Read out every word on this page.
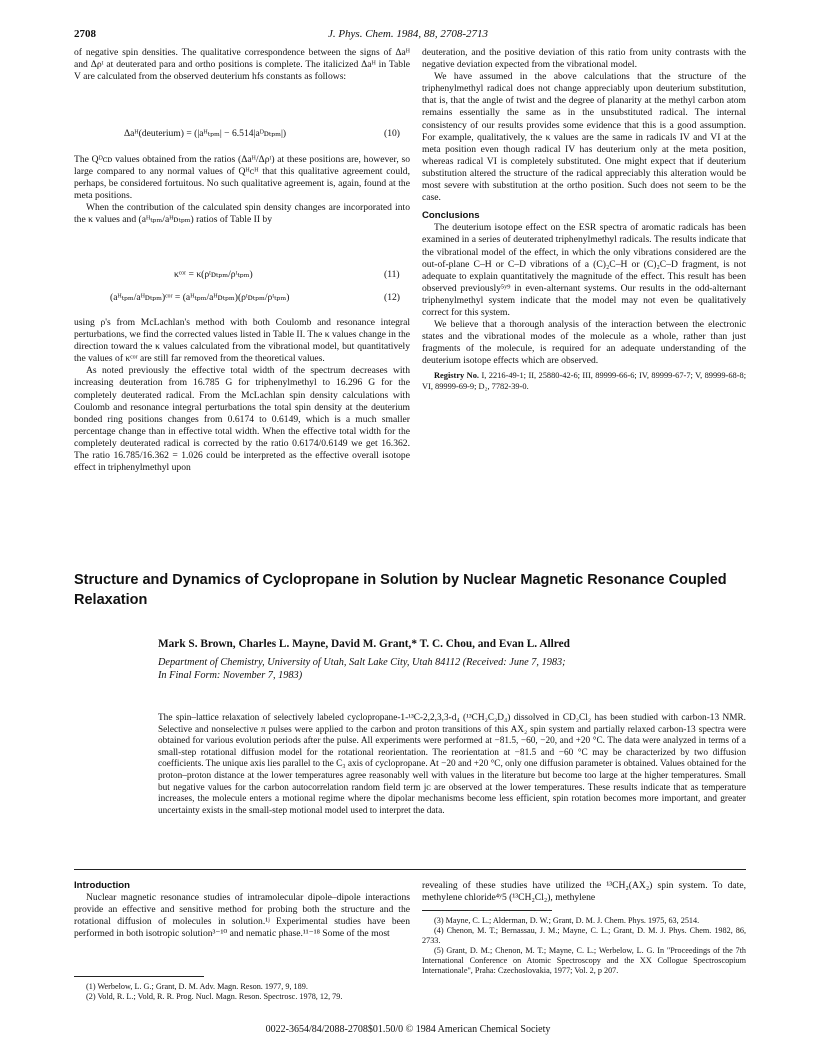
2708	J. Phys. Chem. 1984, 88, 2708-2713

of negative spin densities. The qualitative correspondence between the signs of Δaᴴ and Δρᵗ at deuterated para and ortho positions is complete. The italicized Δaᴴ in Table V are calculated from the observed deuterium hfs constants as follows:

Δaᴴ(deuterium) = (|aᴴₜₚₘ| − 6.514|aᴰᴅₜₚₘ|)	(10)

The Qᴰᴄᴅ values obtained from the ratios (Δaᴴ/Δρᵗ) at these positions are, however, so large compared to any normal values of Qᴴᴄᴴ that this qualitative agreement could, perhaps, be considered fortuitous. No such qualitative agreement is, again, found at the meta positions.

When the contribution of the calculated spin density changes are incorporated into the κ values and (aᴴₜₚₘ/aᴴᴅₜₚₘ) ratios of Table II by

κᶜᵒʳ = κ(ρᵗᴅₜₚₘ/ρᵗₜₚₘ)	(11)
(aᴴₜₚₘ/aᴴᴅₜₚₘ)ᶜᵒʳ = (aᴴₜₚₘ/aᴴᴅₜₚₘ)(ρᵗᴅₜₚₘ/ρᵗₜₚₘ)	(12)

using ρ's from McLachlan's method with both Coulomb and resonance integral perturbations, we find the corrected values listed in Table II. The κ values change in the direction toward the κ values calculated from the vibrational model, but quantitatively the values of κᶜᵒʳ are still far removed from the theoretical values.

As noted previously the effective total width of the spectrum decreases with increasing deuteration from 16.785 G for triphenylmethyl to 16.296 G for the completely deuterated radical. From the McLachlan spin density calculations with Coulomb and resonance integral perturbations the total spin density at the deuterium bonded ring positions changes from 0.6174 to 0.6149, which is a much smaller percentage change than in effective total width. When the effective total width for the completely deuterated radical is corrected by the ratio 0.6174/0.6149 we get 16.362. The ratio 16.785/16.362 = 1.026 could be interpreted as the effective overall isotope effect in triphenylmethyl upon

deuteration, and the positive deviation of this ratio from unity contrasts with the negative deviation expected from the vibrational model.

We have assumed in the above calculations that the structure of the triphenylmethyl radical does not change appreciably upon deuterium substitution, that is, that the angle of twist and the degree of planarity at the methyl carbon atom remains essentially the same as in the unsubstituted radical. The internal consistency of our results provides some evidence that this is a good assumption. For example, qualitatively, the κ values are the same in radicals IV and VI at the meta position even though radical IV has deuterium only at the meta position, whereas radical VI is completely substituted. One might expect that if deuterium substitution altered the structure of the radical appreciably this alteration would be most severe with substitution at the ortho position. Such does not seem to be the case.

Conclusions

The deuterium isotope effect on the ESR spectra of aromatic radicals has been examined in a series of deuterated triphenylmethyl radicals. The results indicate that the vibrational model of the effect, in which the only vibrations considered are the out-of-plane C–H or C–D vibrations of a (C)₂C–H or (C)₂C–D fragment, is not adequate to explain quantitatively the magnitude of the effect. This result has been observed previously⁵ʸ⁹ in even-alternant systems. Our results in the odd-alternant triphenylmethyl system indicate that the model may not even be qualitatively correct for this system.

We believe that a thorough analysis of the interaction between the electronic states and the vibrational modes of the molecule as a whole, rather than just fragments of the molecule, is required for an adequate understanding of the deuterium isotope effects which are observed.

Registry No. I, 2216-49-1; II, 25880-42-6; III, 89999-66-6; IV, 89999-67-7; V, 89999-68-8; VI, 89999-69-9; D₂, 7782-39-0.

Structure and Dynamics of Cyclopropane in Solution by Nuclear Magnetic Resonance Coupled Relaxation
Mark S. Brown, Charles L. Mayne, David M. Grant,* T. C. Chou, and Evan L. Allred
Department of Chemistry, University of Utah, Salt Lake City, Utah 84112 (Received: June 7, 1983;
In Final Form: November 7, 1983)
The spin–lattice relaxation of selectively labeled cyclopropane-1-¹³C-2,2,3,3-d₄ (¹³CH₂C₂D₄) dissolved in CD₂Cl₂ has been studied with carbon-13 NMR. Selective and nonselective π pulses were applied to the carbon and proton transitions of this AX₂ spin system and partially relaxed carbon-13 spectra were obtained for various evolution periods after the pulse. All experiments were performed at −81.5, −60, −20, and +20 °C. The data were analyzed in terms of a small-step rotational diffusion model for the rotational reorientation. The reorientation at −81.5 and −60 °C may be characterized by two diffusion coefficients. The unique axis lies parallel to the C₃ axis of cyclopropane. At −20 and +20 °C, only one diffusion parameter is obtained. Values obtained for the proton–proton distance at the lower temperatures agree reasonably well with values in the literature but become too large at the higher temperatures. Small but negative values for the carbon autocorrelation random field term jᴄ are observed at the lower temperatures. These results indicate that as temperature increases, the molecule enters a motional regime where the dipolar mechanisms become less efficient, spin rotation becomes more important, and greater uncertainty exists in the small-step motional model used to interpret the data.

Introduction

Nuclear magnetic resonance studies of intramolecular dipole–dipole interactions provide an effective and sensitive method for probing both the structure and the rotational diffusion of molecules in solution.¹ʲ Experimental studies have been performed in both isotropic solution³⁻¹⁰ and nematic phase.¹¹⁻¹⁸ Some of the most

revealing of these studies have utilized the ¹³CH₂(AX₂) spin system. To date, methylene chloride⁴ʸ5 (¹³CH₂Cl₂), methylene

(1) Werbelow, L. G.; Grant, D. M. Adv. Magn. Reson. 1977, 9, 189.

(2) Vold, R. L.; Vold, R. R. Prog. Nucl. Magn. Reson. Spectrosc. 1978, 12, 79.

(3) Mayne, C. L.; Alderman, D. W.; Grant, D. M. J. Chem. Phys. 1975, 63, 2514.

(4) Chenon, M. T.; Bernassau, J. M.; Mayne, C. L.; Grant, D. M. J. Phys. Chem. 1982, 86, 2733.

(5) Grant, D. M.; Chenon, M. T.; Mayne, C. L.; Werbelow, L. G. In "Proceedings of the 7th International Conference on Atomic Spectroscopy and the XX Collogue Spectroscopium Internationale", Praha: Czechoslovakia, 1977; Vol. 2, p 207.

0022-3654/84/2088-2708$01.50/0 © 1984 American Chemical Society
